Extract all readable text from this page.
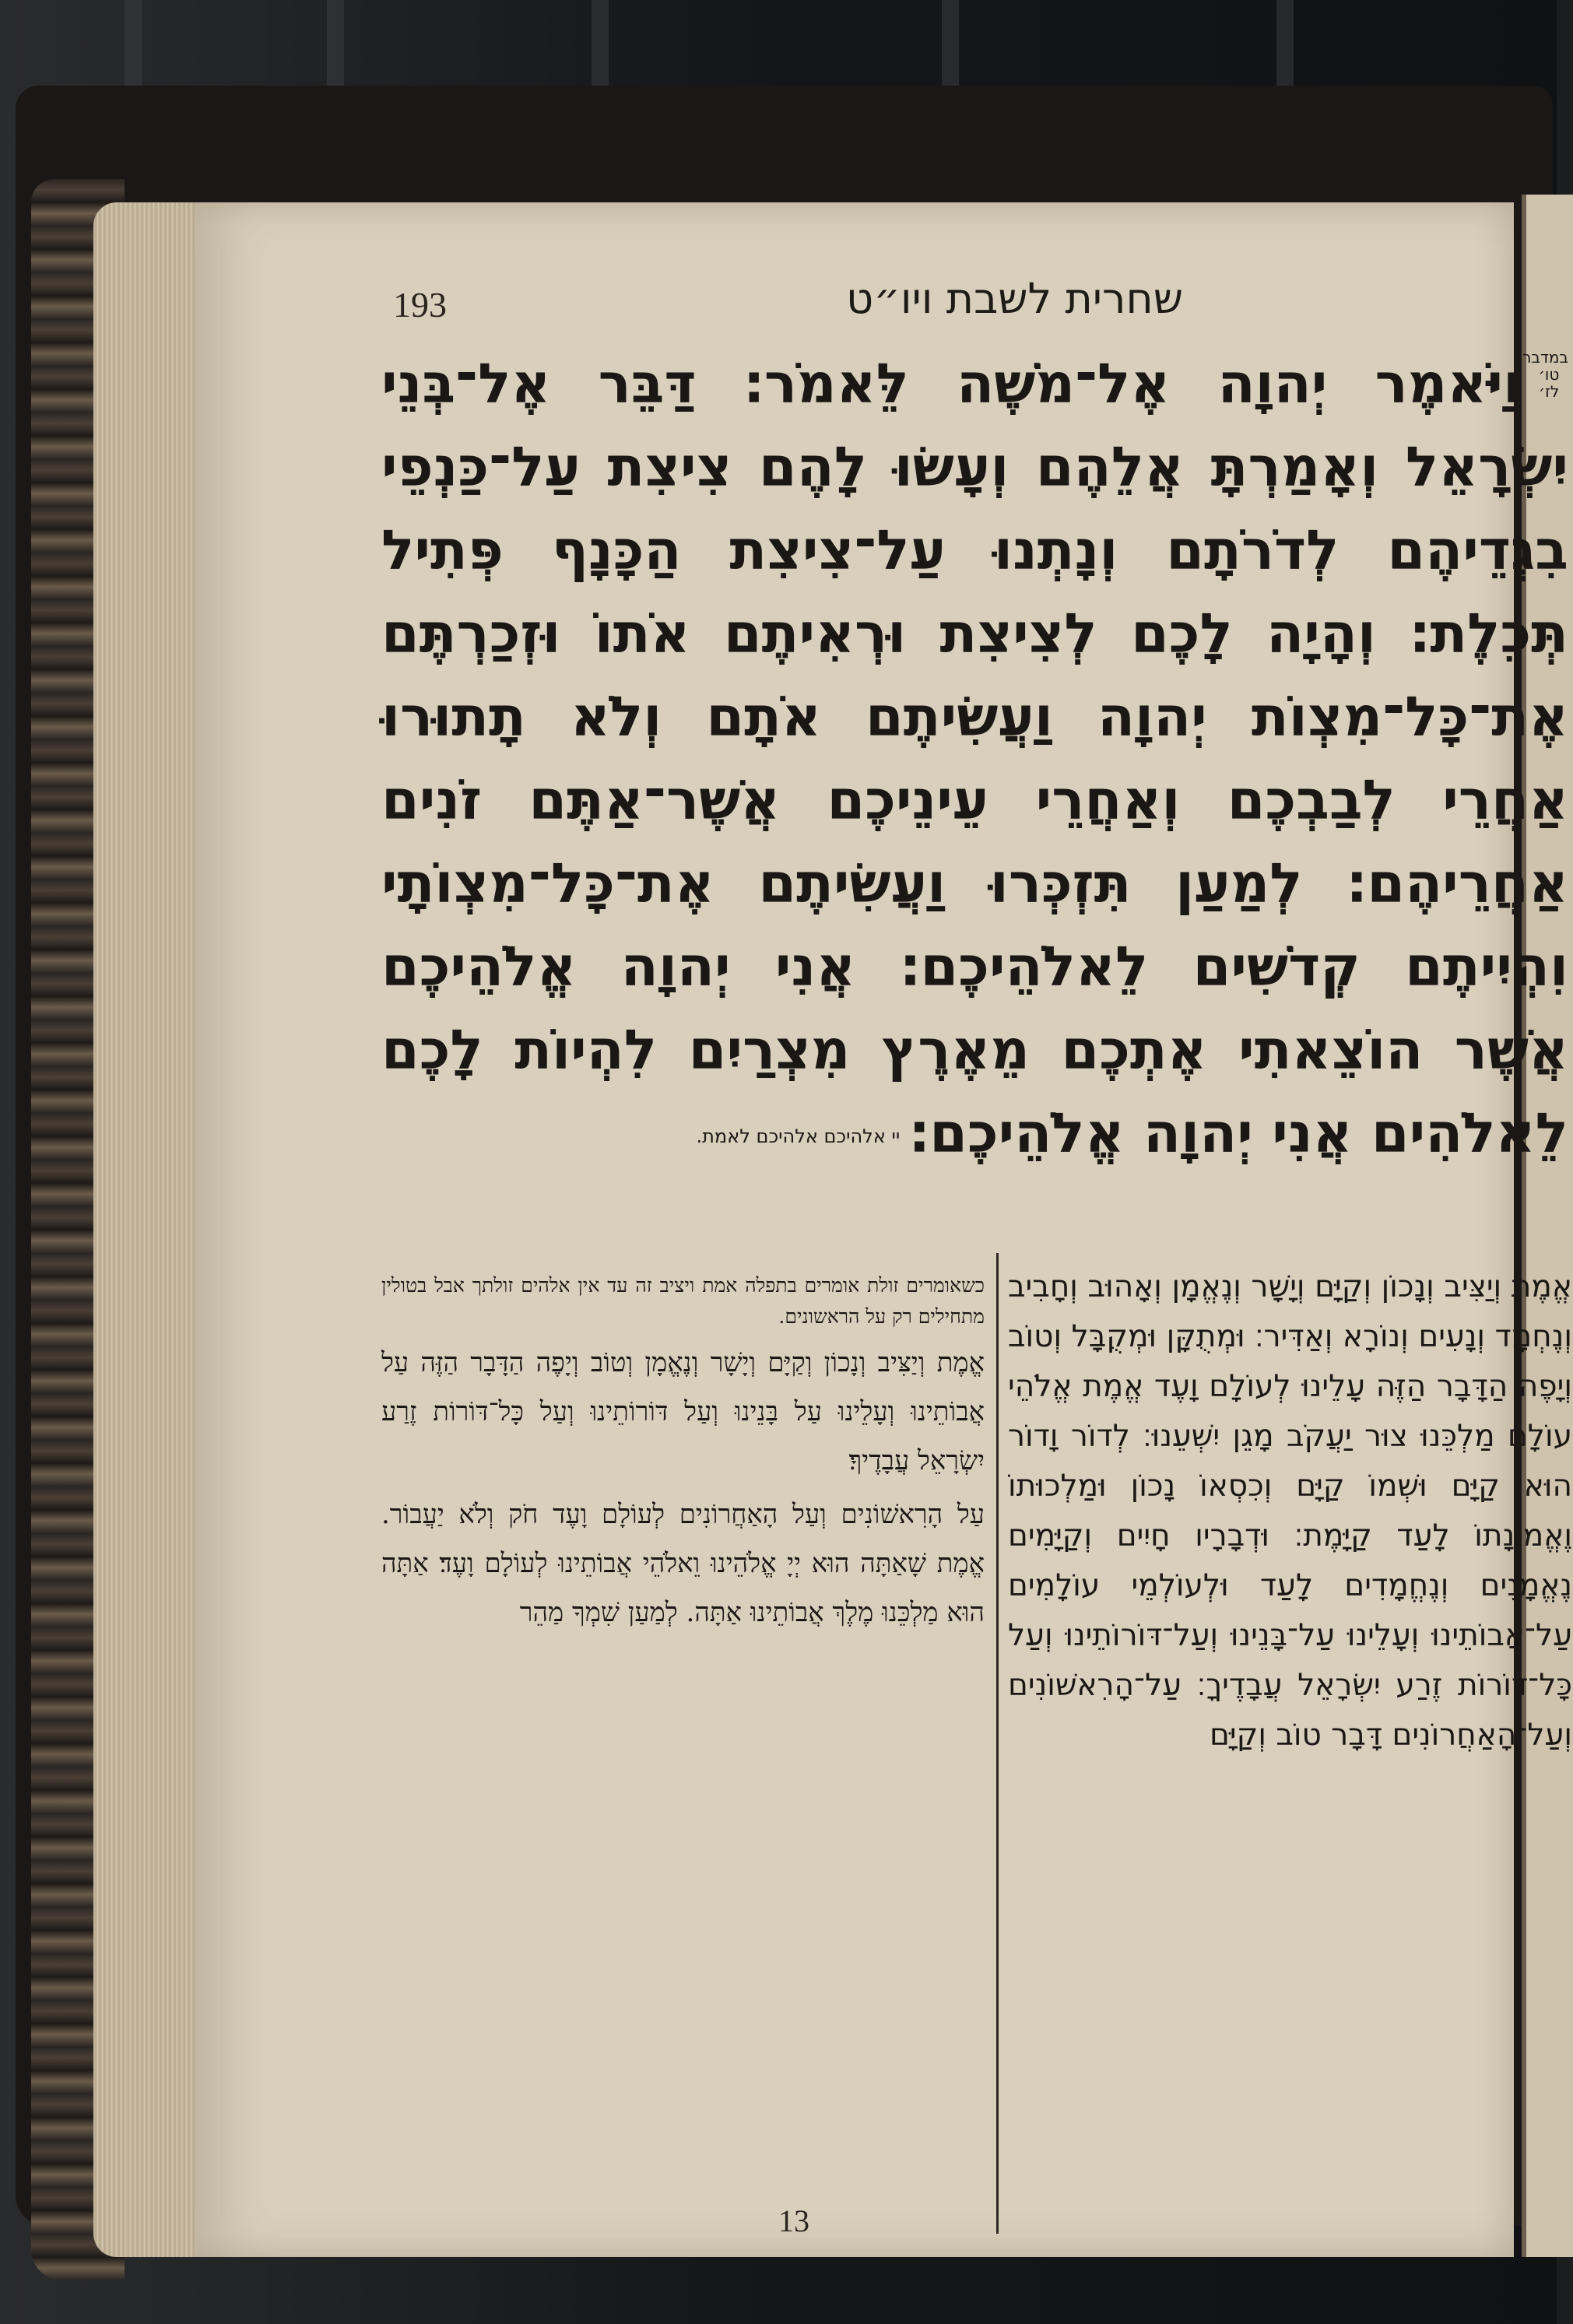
193	שחרית לשבת ויו״ט

במדבר טו׳ לז׳וַיֹּאמֶר יְהוָה אֶל־מֹשֶׁה לֵּאמֹר׃ דַּבֵּר אֶל־בְּנֵי יִשְׂרָאֵל וְאָמַרְתָּ אֲלֵהֶם וְעָשׂוּ לָהֶם צִיצִת עַל־כַּנְפֵי בִגְדֵיהֶם לְדֹרֹתָם וְנָתְנוּ עַל־צִיצִת הַכָּנָף פְּתִיל תְּכֵלֶת׃ וְהָיָה לָכֶם לְצִיצִת וּרְאִיתֶם אֹתוֹ וּזְכַרְתֶּם אֶת־כָּל־מִצְוֹת יְהוָה וַעֲשִׂיתֶם אֹתָם וְלֹא תָתוּרוּ אַחֲרֵי לְבַבְכֶם וְאַחֲרֵי עֵינֵיכֶם אֲשֶׁר־אַתֶּם זֹנִים אַחֲרֵיהֶם׃ לְמַעַן תִּזְכְּרוּ וַעֲשִׂיתֶם אֶת־כָּל־מִצְוֹתָי וִהְיִיתֶם קְדֹשִׁים לֵאלֹהֵיכֶם׃ אֲנִי יְהוָה אֱלֹהֵיכֶם אֲשֶׁר הוֹצֵאתִי אֶתְכֶם מֵאֶרֶץ מִצְרַיִם לִהְיוֹת לָכֶם לֵאלֹהִים אֲנִי יְהוָה אֱלֹהֵיכֶם׃יי אלהיכם אלהיכם לאמת.

אֱמֶת וְיַצִּיב וְנָכוֹן וְקַיָּם וְיָשָׁר וְנֶאֱמָן וְאָהוּב וְחָבִיב וְנֶחְמָד וְנָעִים וְנוֹרָא וְאַדִּיר׃ וּמְתֻקָּן וּמְקֻבָּל וְטוֹב וְיָפֶה הַדָּבָר הַזֶּה עָלֵינוּ לְעוֹלָם וָעֶד אֱמֶת אֱלֹהֵי עוֹלָם מַלְכֵּנוּ צוּר יַעֲקֹב מָגֵן יִשְׁעֵנוּ׃ לְדוֹר וָדוֹר הוּא קַיָּם וּשְׁמוֹ קַיָּם וְכִסְאוֹ נָכוֹן וּמַלְכוּתוֹ וֶאֱמוּנָתוֹ לָעַד קַיָּמֶת׃ וּדְבָרָיו חָיִים וְקַיָּמִים נֶאֱמָנִים וְנֶחֱמָדִים לָעַד וּלְעוֹלְמֵי עוֹלָמִים עַל־אֲבוֹתֵינוּ וְעָלֵינוּ עַל־בָּנֵינוּ וְעַל־דּוֹרוֹתֵינוּ וְעַל כָּל־דּוֹרוֹת זֶרַע יִשְׂרָאֵל עֲבָדֶיךָ׃ עַל־הָרִאשׁוֹנִים וְעַל־הָאַחֲרוֹנִים דָּבָר טוֹב וְקַיָּם

כשאומרים זולת אומרים בתפלה אמת ויציב זה עד אין אלהים זולתך אבל בטולין מתחילים רק על הראשונים.

אֱמֶת וְיַצִּיב וְנָכוֹן וְקַיָּם וְיָשָׁר וְנֶאֱמָן וְטוֹב וְיָפֶה הַדָּבָר הַזֶּה עַל אֲבוֹתֵינוּ וְעָלֵינוּ עַל בָּנֵינוּ וְעַל דּוֹרוֹתֵינוּ וְעַל כָּל־דּוֹרוֹת זֶרַע יִשְׂרָאֵל עֲבָדֶיךָ׃

עַל הָרִאשׁוֹנִים וְעַל הָאַחֲרוֹנִים לְעוֹלָם וָעֶד חֹק וְלֹא יַעֲבוֹר. אֱמֶת שָׁאַתָּה הוּא יְיָ אֱלֹהֵינוּ וֵאלֹהֵי אֲבוֹתֵינוּ לְעוֹלָם וָעֶד׃ אַתָּה הוּא מַלְכֵּנוּ מֶלֶךְ אֲבוֹתֵינוּ אַתָּה. לְמַעַן שִׁמְךָ מַהֵר

13
